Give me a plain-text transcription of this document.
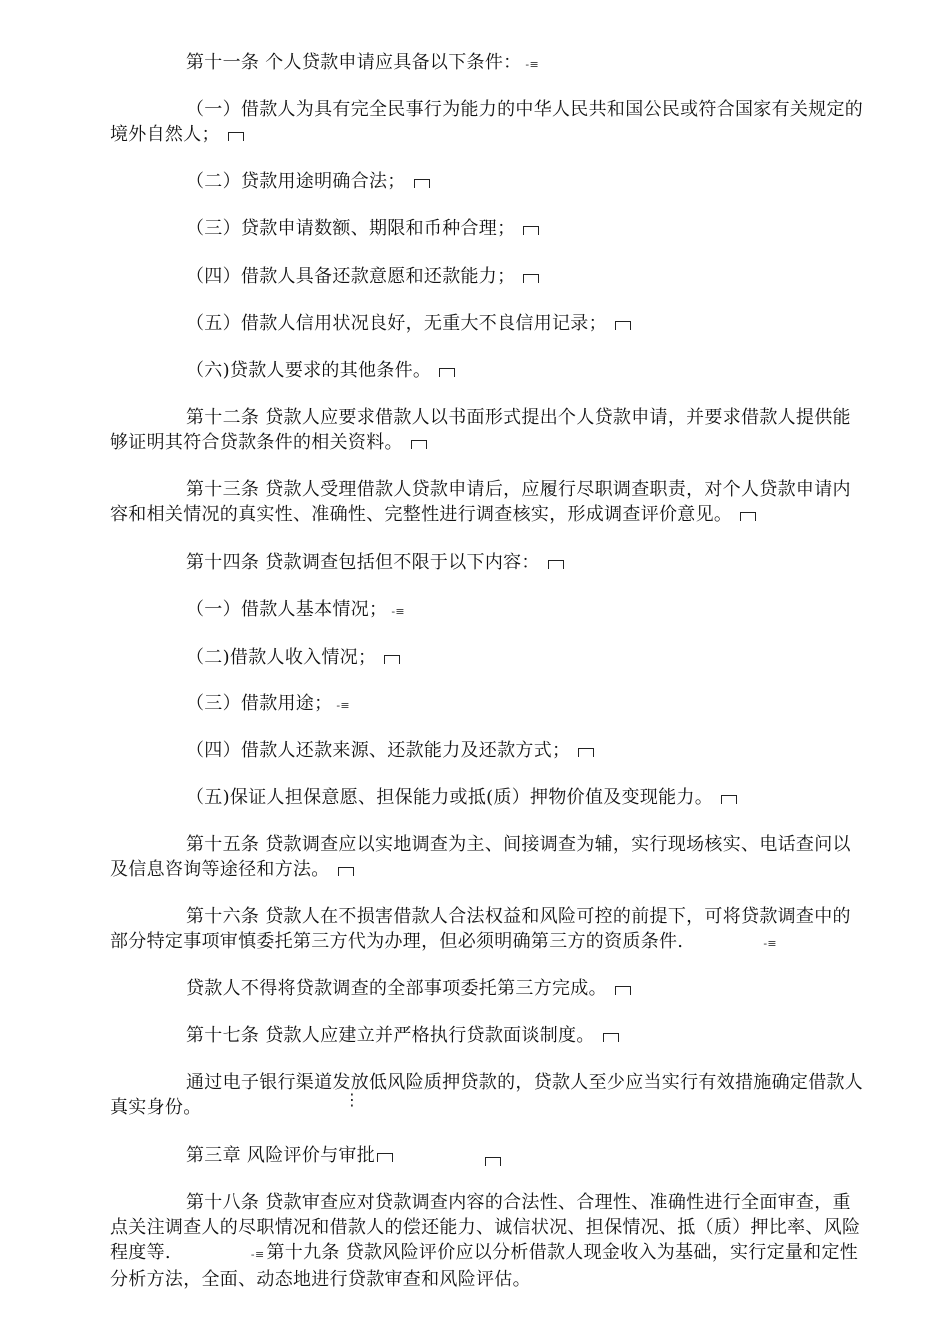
第十一条 个人贷款申请应具备以下条件： -≡
（一）借款人为具有完全民事行为能力的中华人民共和国公民或符合国家有关规定的境外自然人；
（二）贷款用途明确合法；
（三）贷款申请数额、期限和币种合理；
（四）借款人具备还款意愿和还款能力；
（五）借款人信用状况良好，无重大不良信用记录；
（六)贷款人要求的其他条件。
第十二条 贷款人应要求借款人以书面形式提出个人贷款申请，并要求借款人提供能够证明其符合贷款条件的相关资料。
第十三条 贷款人受理借款人贷款申请后，应履行尽职调查职责，对个人贷款申请内容和相关情况的真实性、准确性、完整性进行调查核实，形成调查评价意见。
第十四条 贷款调查包括但不限于以下内容：
（一）借款人基本情况； -≡
（二)借款人收入情况；
（三）借款用途； -≡
（四）借款人还款来源、还款能力及还款方式；
（五)保证人担保意愿、担保能力或抵(质）押物价值及变现能力。
第十五条 贷款调查应以实地调查为主、间接调查为辅，实行现场核实、电话查问以及信息咨询等途径和方法。
第十六条 贷款人在不损害借款人合法权益和风险可控的前提下，可将贷款调查中的部分特定事项审慎委托第三方代为办理，但必须明确第三方的资质条件.	-≡
贷款人不得将贷款调查的全部事项委托第三方完成。
第十七条 贷款人应建立并严格执行贷款面谈制度。
通过电子银行渠道发放低风险质押贷款的，贷款人至少应当实行有效措施确定借款人真实身份。	⋮
第三章 风险评价与审批
第十八条 贷款审查应对贷款调查内容的合法性、合理性、准确性进行全面审查，重点关注调查人的尽职情况和借款人的偿还能力、诚信状况、担保情况、抵（质）押比率、风险程度等.	-≡ 第十九条 贷款风险评价应以分析借款人现金收入为基础，实行定量和定性分析方法，全面、动态地进行贷款审查和风险评估。
